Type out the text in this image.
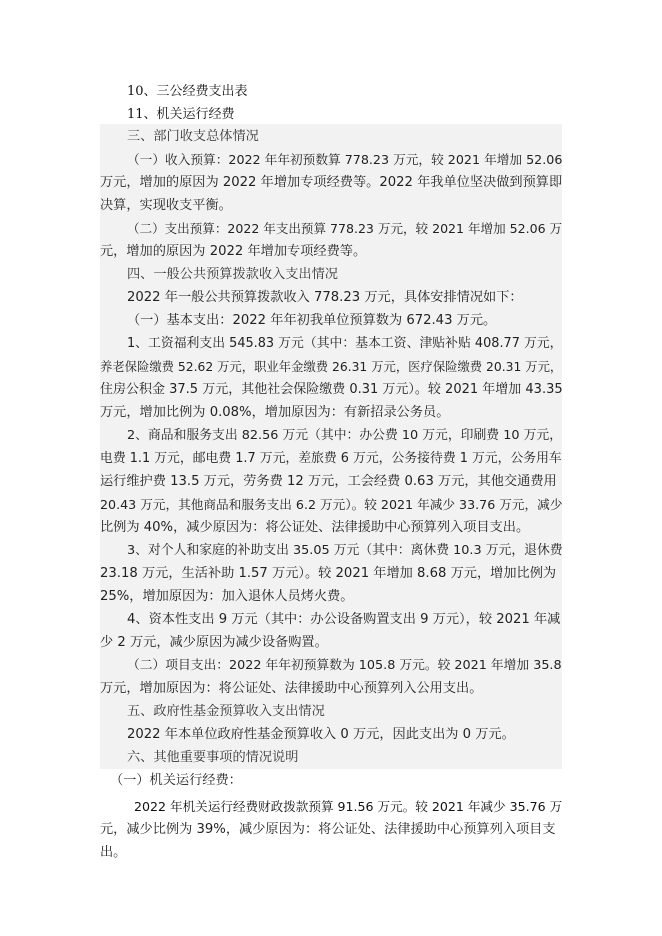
10、三公经费支出表
11、机关运行经费
三、部门收支总体情况
（一）收入预算：2022 年年初预数算 778.23 万元，较 2021 年增加 52.06
万元，增加的原因为 2022 年增加专项经费等。2022 年我单位坚决做到预算即
决算，实现收支平衡。
（二）支出预算：2022 年支出预算 778.23 万元，较 2021 年增加 52.06 万
元，增加的原因为 2022 年增加专项经费等。
四、一般公共预算拨款收入支出情况
2022 年一般公共预算拨款收入 778.23 万元，具体安排情况如下：
（一）基本支出：2022 年年初我单位预算数为 672.43 万元。
1、工资福利支出 545.83 万元（其中：基本工资、津贴补贴 408.77 万元，
养老保险缴费 52.62 万元，职业年金缴费 26.31 万元，医疗保险缴费 20.31 万元，
住房公积金 37.5 万元，其他社会保险缴费 0.31 万元）。较 2021 年增加 43.35
万元，增加比例为 0.08%，增加原因为：有新招录公务员。
2、商品和服务支出 82.56 万元（其中：办公费 10 万元，印刷费 10 万元，
电费 1.1 万元，邮电费 1.7 万元，差旅费 6 万元，公务接待费 1 万元，公务用车
运行维护费 13.5 万元，劳务费 12 万元，工会经费 0.63 万元，其他交通费用
20.43 万元，其他商品和服务支出 6.2 万元）。较 2021 年减少 33.76 万元，减少
比例为 40%，减少原因为：将公证处、法律援助中心预算列入项目支出。
3、对个人和家庭的补助支出 35.05 万元（其中：离休费 10.3 万元，退休费
23.18 万元，生活补助 1.57 万元）。较 2021 年增加 8.68 万元，增加比例为
25%，增加原因为：加入退休人员烤火费。
4、资本性支出 9 万元（其中：办公设备购置支出 9 万元），较 2021 年减
少 2 万元，减少原因为减少设备购置。
（二）项目支出：2022 年年初预算数为 105.8 万元。较 2021 年增加 35.8
万元，增加原因为：将公证处、法律援助中心预算列入公用支出。
五、政府性基金预算收入支出情况
2022 年本单位政府性基金预算收入 0 万元，因此支出为 0 万元。
六、其他重要事项的情况说明
（一）机关运行经费：
2022 年机关运行经费财政拨款预算 91.56 万元。较 2021 年减少 35.76 万
元，减少比例为 39%，减少原因为：将公证处、法律援助中心预算列入项目支
出。
